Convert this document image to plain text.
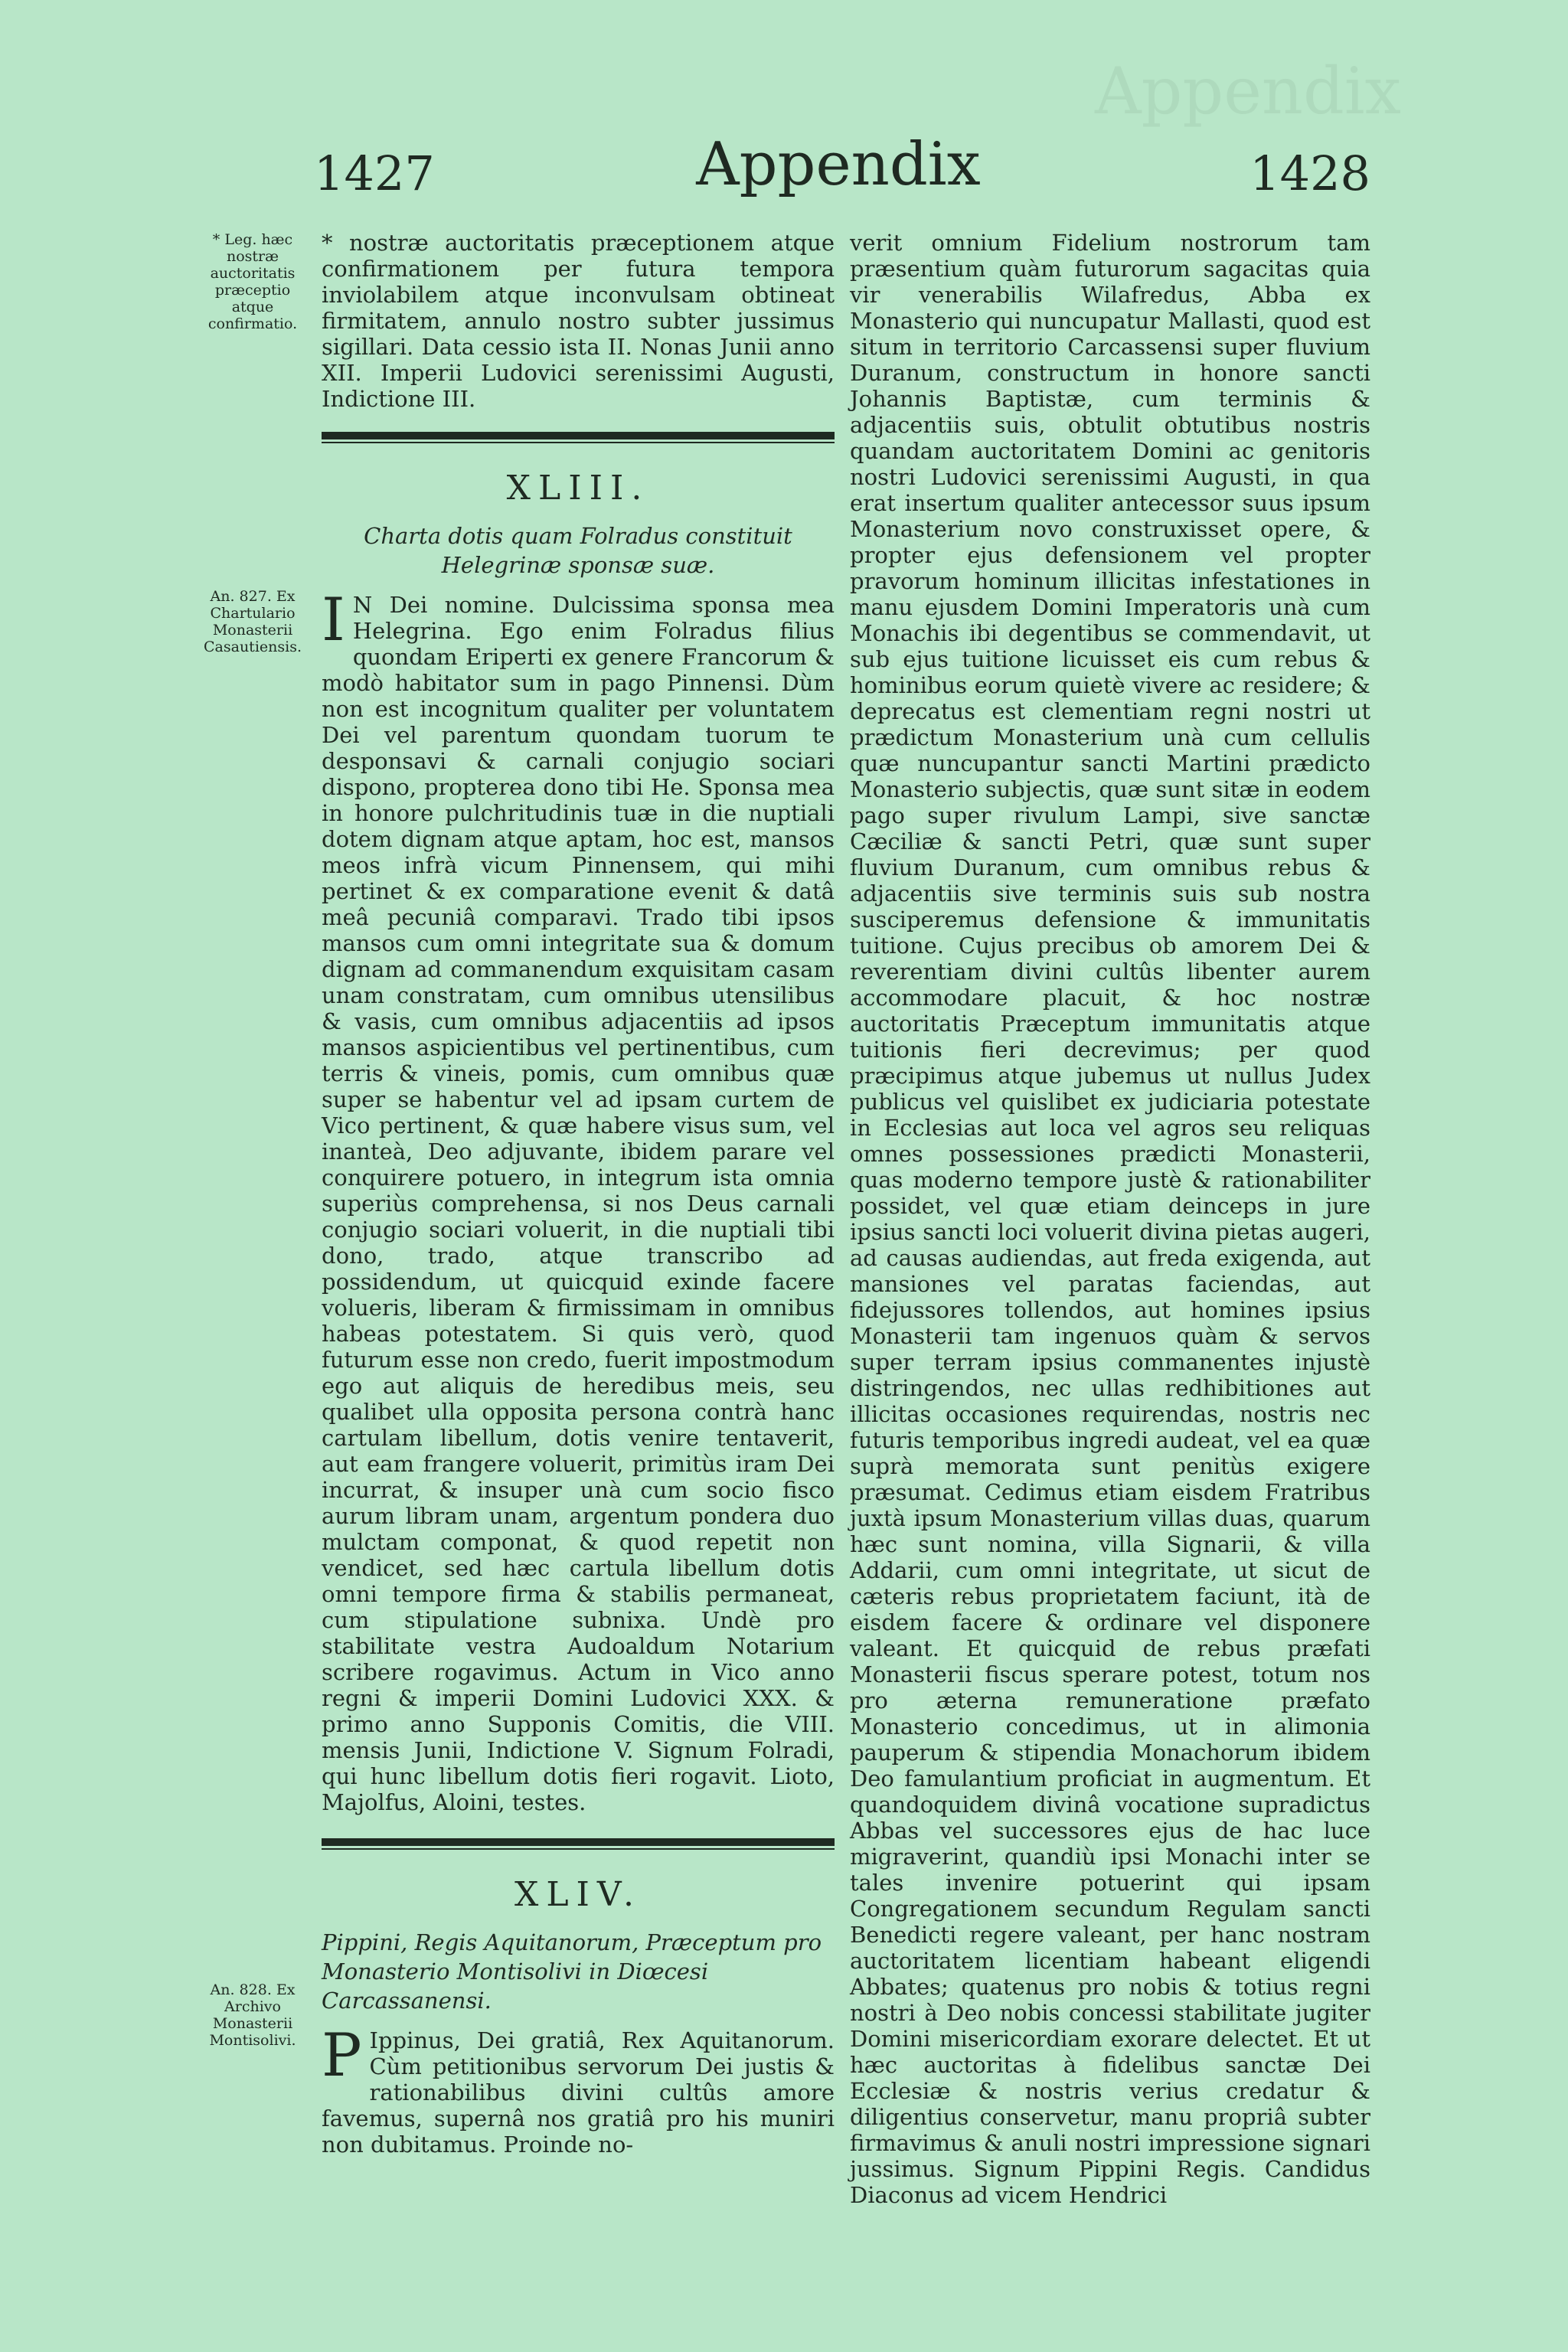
Appendix
1427	Appendix	1428
* Leg. hæc nostræ auctoritatis præceptio atque confirmatio.
An. 827. Ex Chartulario Monasterii Casautiensis.
An. 828. Ex Archivo Monasterii Montisolivi.

* nostræ auctoritatis præceptionem atque confirmationem per futura tempora inviolabilem atque inconvulsam obtineat firmitatem, annulo nostro subter jussimus sigillari. Data cessio ista II. Nonas Junii anno XII. Imperii Ludovici serenissimi Augusti, Indictione III.

XLIII.
Charta dotis quam Folradus constituit Helegrinæ sponsæ suæ.

I N Dei nomine. Dulcissima sponsa mea Helegrina. Ego enim Folradus filius quondam Eriperti ex genere Francorum & modò habitator sum in pago Pinnensi. Dùm non est incognitum qualiter per voluntatem Dei vel parentum quondam tuorum te desponsavi & carnali conjugio sociari dispono, propterea dono tibi He. Sponsa mea in honore pulchritudinis tuæ in die nuptiali dotem dignam atque aptam, hoc est, mansos meos infrà vicum Pinnensem, qui mihi pertinet & ex comparatione evenit & datâ meâ pecuniâ comparavi. Trado tibi ipsos mansos cum omni integritate sua & domum dignam ad commanendum exquisitam casam unam constratam, cum omnibus utensilibus & vasis, cum omnibus adjacentiis ad ipsos mansos aspicientibus vel pertinentibus, cum terris & vineis, pomis, cum omnibus quæ super se habentur vel ad ipsam curtem de Vico pertinent, & quæ habere visus sum, vel inanteà, Deo adjuvante, ibidem parare vel conquirere potuero, in integrum ista omnia superiùs comprehensa, si nos Deus carnali conjugio sociari voluerit, in die nuptiali tibi dono, trado, atque transcribo ad possidendum, ut quicquid exinde facere volueris, liberam & firmissimam in omnibus habeas potestatem. Si quis verò, quod futurum esse non credo, fuerit impostmodum ego aut aliquis de heredibus meis, seu qualibet ulla opposita persona contrà hanc cartulam libellum, dotis venire tentaverit, aut eam frangere voluerit, primitùs iram Dei incurrat, & insuper unà cum socio fisco aurum libram unam, argentum pondera duo mulctam componat, & quod repetit non vendicet, sed hæc cartula libellum dotis omni tempore firma & stabilis permaneat, cum stipulatione subnixa. Undè pro stabilitate vestra Audoaldum Notarium scribere rogavimus. Actum in Vico anno regni & imperii Domini Ludovici XXX. & primo anno Supponis Comitis, die VIII. mensis Junii, Indictione V. Signum Folradi, qui hunc libellum dotis fieri rogavit. Lioto, Majolfus, Aloini, testes.

XLIV.
Pippini, Regis Aquitanorum, Præceptum pro Monasterio Montisolivi in Diœcesi Carcassanensi.

P Ippinus, Dei gratiâ, Rex Aquitanorum. Cùm petitionibus servorum Dei justis & rationabilibus divini cultûs amore favemus, supernâ nos gratiâ pro his muniri non dubitamus. Proinde no-

verit omnium Fidelium nostrorum tam præsentium quàm futurorum sagacitas quia vir venerabilis Wilafredus, Abba ex Monasterio qui nuncupatur Mallasti, quod est situm in territorio Carcassensi super fluvium Duranum, constructum in honore sancti Johannis Baptistæ, cum terminis & adjacentiis suis, obtulit obtutibus nostris quandam auctoritatem Domini ac genitoris nostri Ludovici serenissimi Augusti, in qua erat insertum qualiter antecessor suus ipsum Monasterium novo construxisset opere, & propter ejus defensionem vel propter pravorum hominum illicitas infestationes in manu ejusdem Domini Imperatoris unà cum Monachis ibi degentibus se commendavit, ut sub ejus tuitione licuisset eis cum rebus & hominibus eorum quietè vivere ac residere; & deprecatus est clementiam regni nostri ut prædictum Monasterium unà cum cellulis quæ nuncupantur sancti Martini prædicto Monasterio subjectis, quæ sunt sitæ in eodem pago super rivulum Lampi, sive sanctæ Cæciliæ & sancti Petri, quæ sunt super fluvium Duranum, cum omnibus rebus & adjacentiis sive terminis suis sub nostra susciperemus defensione & immunitatis tuitione. Cujus precibus ob amorem Dei & reverentiam divini cultûs libenter aurem accommodare placuit, & hoc nostræ auctoritatis Præceptum immunitatis atque tuitionis fieri decrevimus; per quod præcipimus atque jubemus ut nullus Judex publicus vel quislibet ex judiciaria potestate in Ecclesias aut loca vel agros seu reliquas omnes possessiones prædicti Monasterii, quas moderno tempore justè & rationabiliter possidet, vel quæ etiam deinceps in jure ipsius sancti loci voluerit divina pietas augeri, ad causas audiendas, aut freda exigenda, aut mansiones vel paratas faciendas, aut fidejussores tollendos, aut homines ipsius Monasterii tam ingenuos quàm & servos super terram ipsius commanentes injustè distringendos, nec ullas redhibitiones aut illicitas occasiones requirendas, nostris nec futuris temporibus ingredi audeat, vel ea quæ suprà memorata sunt penitùs exigere præsumat. Cedimus etiam eisdem Fratribus juxtà ipsum Monasterium villas duas, quarum hæc sunt nomina, villa Signarii, & villa Addarii, cum omni integritate, ut sicut de cæteris rebus proprietatem faciunt, ità de eisdem facere & ordinare vel disponere valeant. Et quicquid de rebus præfati Monasterii fiscus sperare potest, totum nos pro æterna remuneratione præfato Monasterio concedimus, ut in alimonia pauperum & stipendia Monachorum ibidem Deo famulantium proficiat in augmentum. Et quandoquidem divinâ vocatione supradictus Abbas vel successores ejus de hac luce migraverint, quandiù ipsi Monachi inter se tales invenire potuerint qui ipsam Congregationem secundum Regulam sancti Benedicti regere valeant, per hanc nostram auctoritatem licentiam habeant eligendi Abbates; quatenus pro nobis & totius regni nostri à Deo nobis concessi stabilitate jugiter Domini misericordiam exorare delectet. Et ut hæc auctoritas à fidelibus sanctæ Dei Ecclesiæ & nostris verius credatur & diligentius conservetur, manu propriâ subter firmavimus & anuli nostri impressione signari jussimus. Signum Pippini Regis. Candidus Diaconus ad vicem Hendrici
